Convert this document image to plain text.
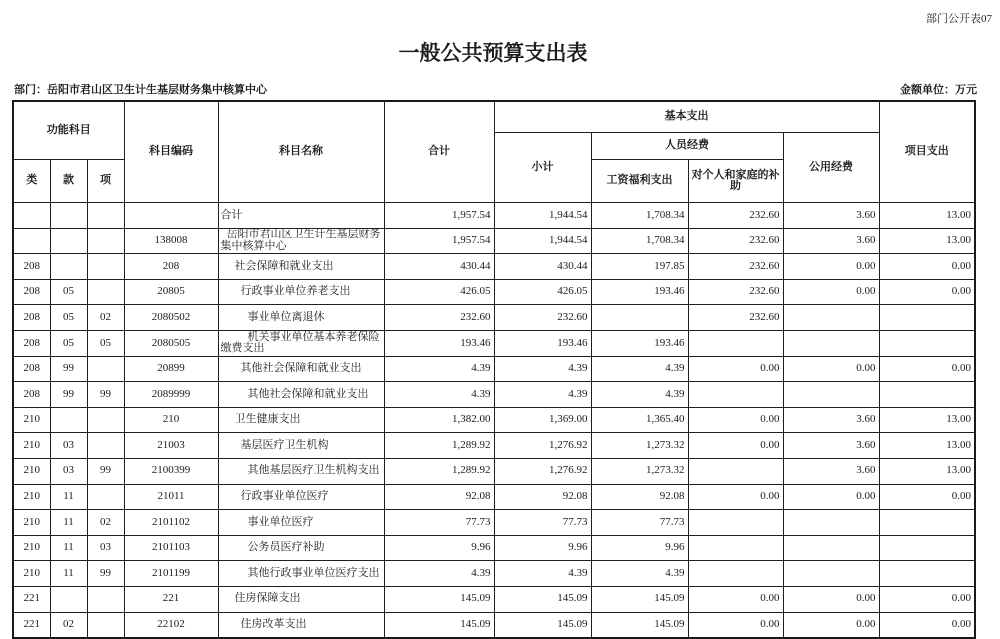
部门公开表07
一般公共预算支出表
部门：岳阳市君山区卫生计生基层财务集中核算中心	金额单位：万元
功能科目			科目编码	科目名称	合计	基本支出				项目支出
						小计	人员经费		公用经费	
类	款	项					工资福利支出	对个人和家庭的补助		
				合计	1,957.54	1,944.54	1,708.34	232.60	3.60	13.00
			138008	岳阳市君山区卫生计生基层财务集中核算中心	1,957.54	1,944.54	1,708.34	232.60	3.60	13.00
208			208	社会保障和就业支出	430.44	430.44	197.85	232.60	0.00	0.00
208	05		20805	行政事业单位养老支出	426.05	426.05	193.46	232.60	0.00	0.00
208	05	02	2080502	事业单位离退休	232.60	232.60		232.60		
208	05	05	2080505	机关事业单位基本养老保险缴费支出	193.46	193.46	193.46			
208	99		20899	其他社会保障和就业支出	4.39	4.39	4.39	0.00	0.00	0.00
208	99	99	2089999	其他社会保障和就业支出	4.39	4.39	4.39			
210			210	卫生健康支出	1,382.00	1,369.00	1,365.40	0.00	3.60	13.00
210	03		21003	基层医疗卫生机构	1,289.92	1,276.92	1,273.32	0.00	3.60	13.00
210	03	99	2100399	其他基层医疗卫生机构支出	1,289.92	1,276.92	1,273.32		3.60	13.00
210	11		21011	行政事业单位医疗	92.08	92.08	92.08	0.00	0.00	0.00
210	11	02	2101102	事业单位医疗	77.73	77.73	77.73			
210	11	03	2101103	公务员医疗补助	9.96	9.96	9.96			
210	11	99	2101199	其他行政事业单位医疗支出	4.39	4.39	4.39			
221			221	住房保障支出	145.09	145.09	145.09	0.00	0.00	0.00
221	02		22102	住房改革支出	145.09	145.09	145.09	0.00	0.00	0.00
